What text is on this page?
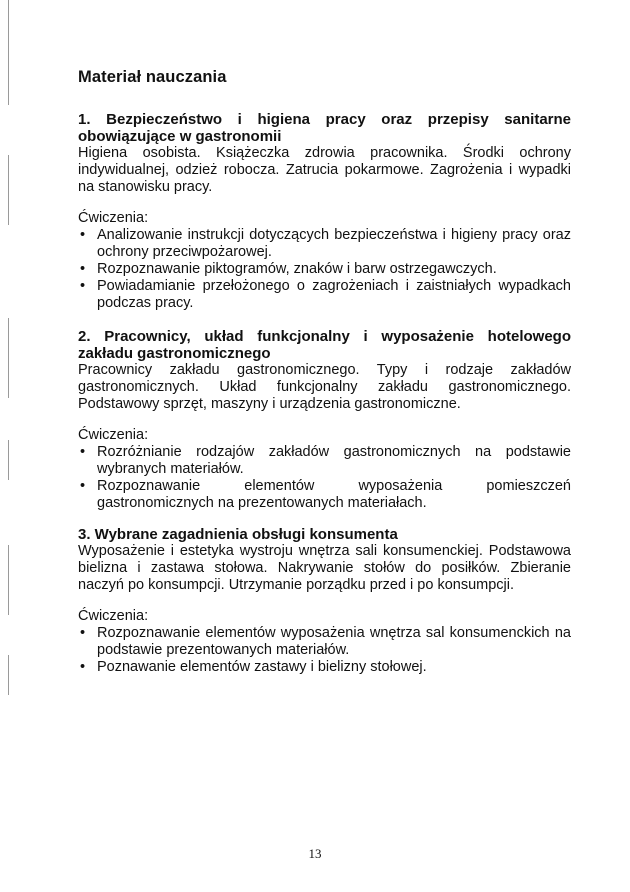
Materiał nauczania

1. Bezpieczeństwo i higiena pracy oraz przepisy sanitarne obowiązujące w gastronomii

Higiena osobista. Książeczka zdrowia pracownika. Środki ochrony indywidualnej, odzież robocza. Zatrucia pokarmowe. Zagrożenia i wypadki na stanowisku pracy.

Ćwiczenia:

• Analizowanie instrukcji dotyczących bezpieczeństwa i higieny pracy oraz ochrony przeciwpożarowej.
• Rozpoznawanie piktogramów, znaków i barw ostrzegawczych.
• Powiadamianie przełożonego o zagrożeniach i zaistniałych wypadkach podczas pracy.

2. Pracownicy, układ funkcjonalny i wyposażenie hotelowego zakładu gastronomicznego

Pracownicy zakładu gastronomicznego. Typy i rodzaje zakładów gastronomicznych. Układ funkcjonalny zakładu gastronomicznego. Podstawowy sprzęt, maszyny i urządzenia gastronomiczne.

Ćwiczenia:

• Rozróżnianie rodzajów zakładów gastronomicznych na podstawie wybranych materiałów.
• Rozpoznawanie elementów wyposażenia pomieszczeń gastronomicznych na prezentowanych materiałach.

3. Wybrane zagadnienia obsługi konsumenta

Wyposażenie i estetyka wystroju wnętrza sali konsumenckiej. Podstawowa bielizna i zastawa stołowa. Nakrywanie stołów do posiłków. Zbieranie naczyń po konsumpcji. Utrzymanie porządku przed i po konsumpcji.

Ćwiczenia:

• Rozpoznawanie elementów wyposażenia wnętrza sal konsumenckich na podstawie prezentowanych materiałów.
• Poznawanie elementów zastawy i bielizny stołowej.
13
